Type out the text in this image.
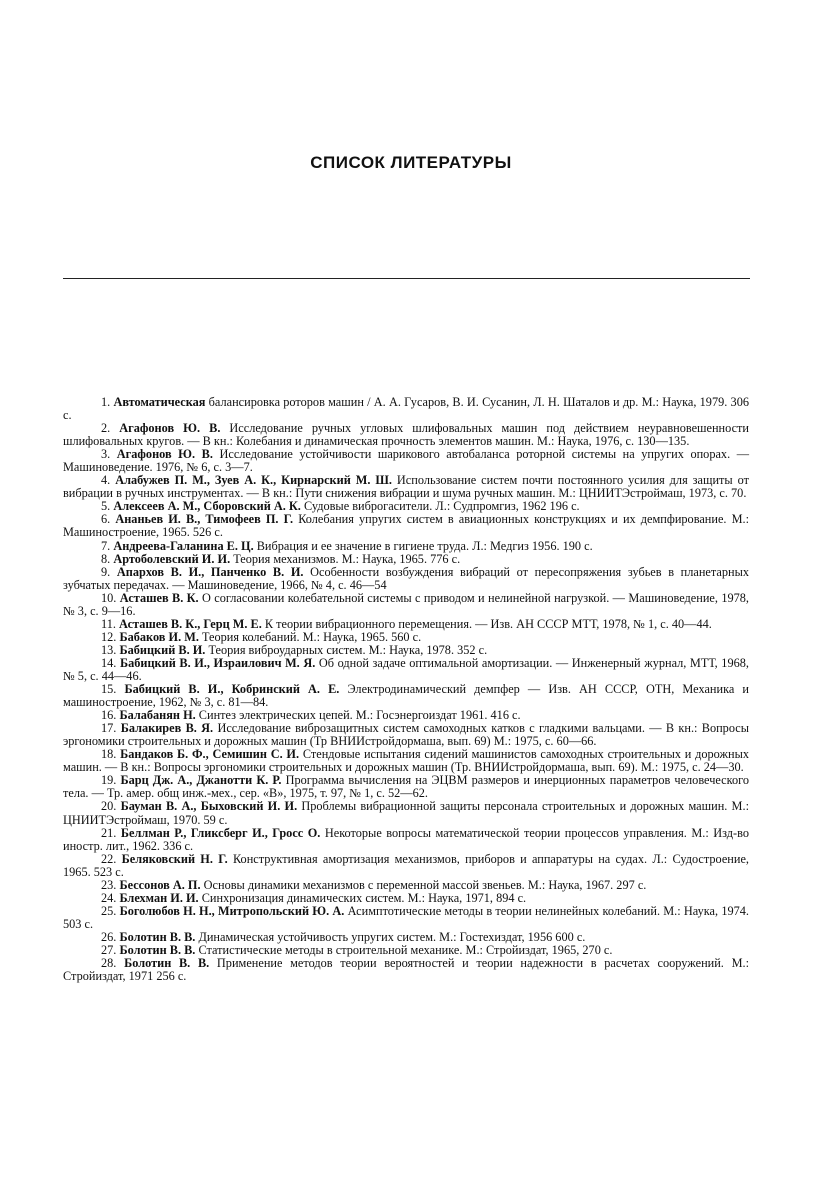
СПИСОК ЛИТЕРАТУРЫ
1. Автоматическая балансировка роторов машин / А. А. Гусаров, В. И. Сусанин, Л. Н. Шаталов и др. М.: Наука, 1979. 306 с.
2. Агафонов Ю. В. Исследование ручных угловых шлифовальных машин под действием неуравновешенности шлифовальных кругов. — В кн.: Колебания и динамическая прочность элементов машин. М.: Наука, 1976, с. 130—135.
3. Агафонов Ю. В. Исследование устойчивости шарикового автобаланса роторной системы на упругих опорах. — Машиноведение. 1976, № 6, с. 3—7.
4. Алабужев П. М., Зуев А. К., Кирнарский М. Ш. Использование систем почти постоянного усилия для защиты от вибрации в ручных инструментах. — В кн.: Пути снижения вибрации и шума ручных машин. М.: ЦНИИТЭстроймаш, 1973, с. 70.
5. Алексеев А. М., Сборовский А. К. Судовые виброгасители. Л.: Судпромгиз, 1962 196 с.
6. Ананьев И. В., Тимофеев П. Г. Колебания упругих систем в авиационных конструкциях и их демпфирование. М.: Машиностроение, 1965. 526 с.
7. Андреева-Галанина Е. Ц. Вибрация и ее значение в гигиене труда. Л.: Медгиз 1956. 190 с.
8. Артоболевский И. И. Теория механизмов. М.: Наука, 1965. 776 с.
9. Апархов В. И., Панченко В. И. Особенности возбуждения вибраций от пересопряжения зубьев в планетарных зубчатых передачах. — Машиноведение, 1966, № 4, с. 46—54
10. Асташев В. К. О согласовании колебательной системы с приводом и нелинейной нагрузкой. — Машиноведение, 1978, № 3, с. 9—16.
11. Асташев В. К., Герц М. Е. К теории вибрационного перемещения. — Изв. АН СССР МТТ, 1978, № 1, с. 40—44.
12. Бабаков И. М. Теория колебаний. М.: Наука, 1965. 560 с.
13. Бабицкий В. И. Теория виброударных систем. М.: Наука, 1978. 352 с.
14. Бабицкий В. И., Израилович М. Я. Об одной задаче оптимальной амортизации. — Инженерный журнал, МТТ, 1968, № 5, с. 44—46.
15. Бабицкий В. И., Кобринский А. Е. Электродинамический демпфер — Изв. АН СССР, ОТН, Механика и машиностроение, 1962, № 3, с. 81—84.
16. Балабанян Н. Синтез электрических цепей. М.: Госэнергоиздат 1961. 416 с.
17. Балакирев В. Я. Исследование виброзащитных систем самоходных катков с гладкими вальцами. — В кн.: Вопросы эргономики строительных и дорожных машин (Тр ВНИИстройдормаша, вып. 69) М.: 1975, с. 60—66.
18. Бандаков Б. Ф., Семишин С. И. Стендовые испытания сидений машинистов самоходных строительных и дорожных машин. — В кн.: Вопросы эргономики строительных и дорожных машин (Тр. ВНИИстройдормаша, вып. 69). М.: 1975, с. 24—30.
19. Барц Дж. А., Джанотти К. Р. Программа вычисления на ЭЦВМ размеров и инерционных параметров человеческого тела. — Тр. амер. общ инж.-мех., сер. «В», 1975, т. 97, № 1, с. 52—62.
20. Бауман В. А., Быховский И. И. Проблемы вибрационной защиты персонала строительных и дорожных машин. М.: ЦНИИТЭстроймаш, 1970. 59 с.
21. Беллман Р., Гликсберг И., Гросс О. Некоторые вопросы математической теории процессов управления. М.: Изд-во иностр. лит., 1962. 336 с.
22. Беляковский Н. Г. Конструктивная амортизация механизмов, приборов и аппаратуры на судах. Л.: Судостроение, 1965. 523 с.
23. Бессонов А. П. Основы динамики механизмов с переменной массой звеньев. М.: Наука, 1967. 297 с.
24. Блехман И. И. Синхронизация динамических систем. М.: Наука, 1971, 894 с.
25. Боголюбов Н. Н., Митропольский Ю. А. Асимптотические методы в теории нелинейных колебаний. М.: Наука, 1974. 503 с.
26. Болотин В. В. Динамическая устойчивость упругих систем. М.: Гостехиздат, 1956 600 с.
27. Болотин В. В. Статистические методы в строительной механике. М.: Стройиздат, 1965, 270 с.
28. Болотин В. В. Применение методов теории вероятностей и теории надежности в расчетах сооружений. М.: Стройиздат, 1971 256 с.
